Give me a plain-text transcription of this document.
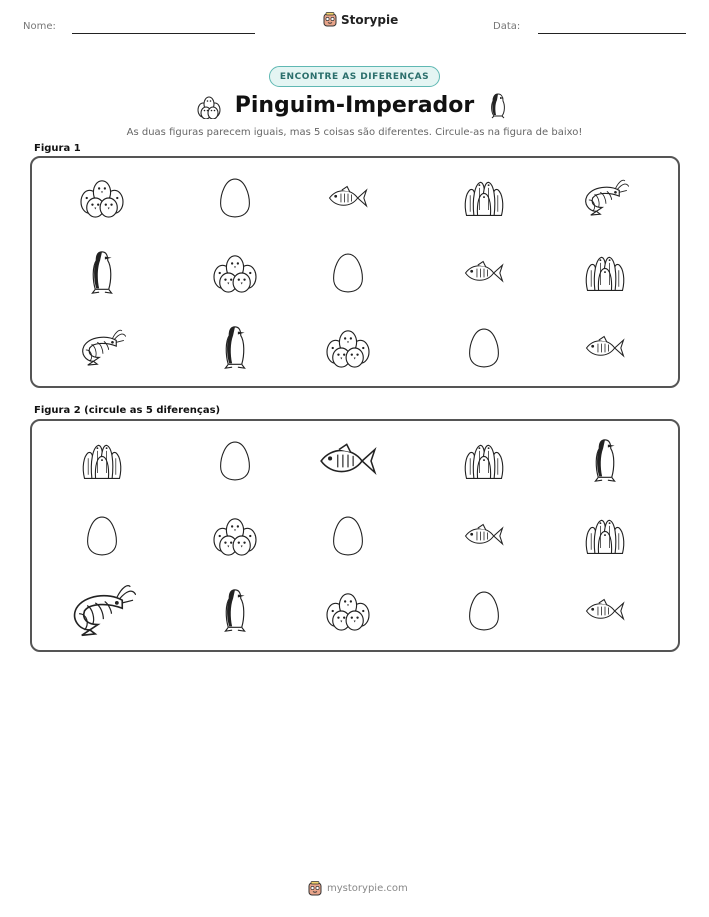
Nome:	Storypie	Data:
ENCONTRE AS DIFERENÇAS
Pinguim-Imperador
As duas figuras parecem iguais, mas 5 coisas são diferentes. Circule-as na figura de baixo!
Figura 1
Figura 2 (circule as 5 diferenças)
mystorypie.com
